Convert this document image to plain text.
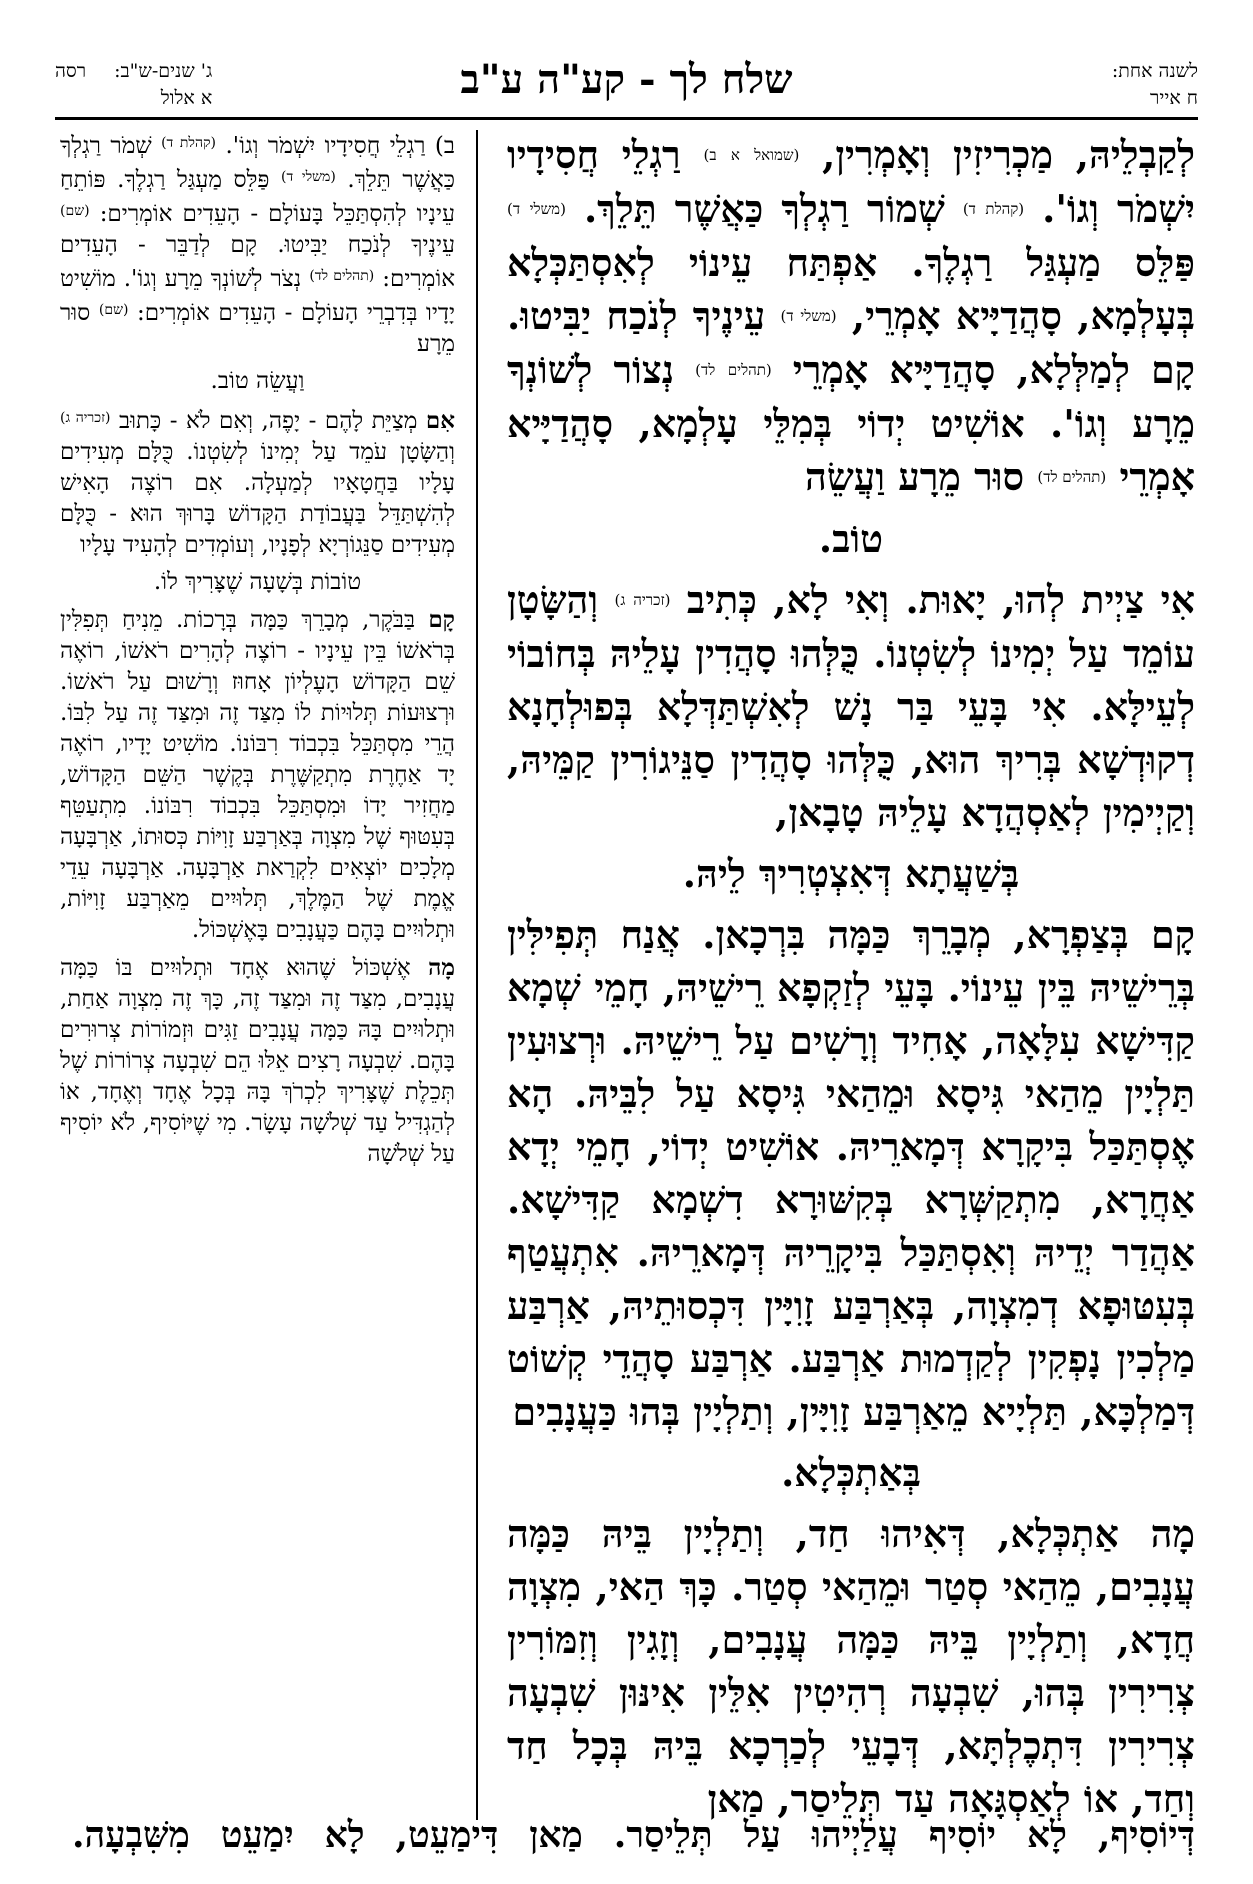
לשנה אחת:
ח אייר
שלח לך - קע"ה ע"ב
ג' שנים-ש"ב:
רסה
א אלול

לְקַבְלֵיהּ, מַכְרִיזִין וְאָמְרִין, $^{(שמואל א ב)}$ רַגְלֵי חֲסִידָיו יִשְׁמֹר וְגוֹ'. $^{(קהלת ד)}$ שְׁמוֹר רַגְלְךָ כַּאֲשֶׁר תֵּלֵךְ. $^{(משלי ד)}$ פַּלֵּס מַעְגַּל רַגְלֶךָ. אַפְתַּח עֵינוֹי לְאִסְתַּכְּלָא בְּעָלְמָא, סָהֲדַיָּיא אָמְרֵי, $^{(משלי ד)}$ עֵינֶיךָ לְנֹכַח יַבִּיטוּ. קָם לְמַלְּלָא, סָהֲדַיָּיא אָמְרֵי $^{(תהלים לד)}$ נְצוֹר לְשׁוֹנְךָ מֵרָע וְגוֹ'. אוֹשִׁיט יְדוֹי בְּמִלֵּי עָלְמָא, סָהֲדַיָּיא אָמְרֵי $^{(תהלים לד)}$ סוּר מֵרָע וַעֲשֵׂה

טוֹב.

אִי צַיְית לְהוּ, יָאוּת. וְאִי לָא, כְּתִיב $^{(זכריה ג)}$ וְהַשָּׂטָן עוֹמֵד עַל יְמִינוֹ לְשִׂטְנוֹ. כֻּלְּהוּ סָהֲדִין עָלֵיהּ בְּחוֹבוֹי לְעֵילָּא. אִי בָּעֵי בַּר נָשׁ לְאִשְׁתַּדְּלָא בְּפוּלְחָנָא דְקוּדְשָׁא בְּרִיךְ הוּא, כֻּלְּהוּ סָהֲדִין סַנֵּיגוֹרִין קַמֵּיהּ, וְקַיְימִין לְאַסְהֲדָא עָלֵיהּ טָבָאן,

בְּשַׁעֲתָא דְּאִצְטְרִיךְ לֵיהּ.

קָם בְּצַפְרָא, מְבָרֵךְ כַּמָּה בִּרְכָאן. אֲנַח תְּפִילִּין בְּרֵישֵׁיהּ בֵּין עֵינוֹי. בָּעֵי לְזַקְפָא רֵישֵׁיהּ, חָמֵי שְׁמָא קַדִּישָׁא עִלָּאָה, אָחִיד וְרָשִׁים עַל רֵישֵׁיהּ. וּרְצוּעִין תַּלְיָין מֵהַאי גִּיסָא וּמֵהַאי גִּיסָא עַל לִבֵּיהּ. הָא אֶסְתַּכַּל בִּיקָרָא דְּמָארֵיהּ. אוֹשִׁיט יְדוֹי, חָמֵי יְדָא אַחֲרָא, מִתְקַשְּׁרָא בְּקִשּׁוּרָא דִשְׁמָא קַדִּישָׁא. אַהֲדַר יְדֵיהּ וְאִסְתַּכַּל בִּיקָרֵיהּ דְּמָארֵיהּ. אִתְעֲטַף בְּעִטּוּפָא דְמִצְוָה, בְּאַרְבַּע זָוִיָּין דִּכְסוּתֵיהּ, אַרְבַּע מַלְכִין נָפְקִין לְקַדְמוּת אַרְבַּע. אַרְבַּע סָהֲדֵי קְשׁוֹט דְּמַלְכָּא, תַּלְיָיא מֵאַרְבַּע זָוִיָּין, וְתַלְיָין בְּהוּ כַּעֲנָבִים

בְּאַתְכְּלָא.

מָה אַתְכְּלָא, דְּאִיהוּ חַד, וְתַלְיָין בֵּיהּ כַּמָּה עֲנָבִים, מֵהַאי סְטַר וּמֵהַאי סְטַר. כָּךְ הַאי, מִצְוָה חֲדָא, וְתַלְיָין בֵּיהּ כַּמָּה עֲנָבִים, וְזָגִין וְזִמּוֹרִין צְרִירִין בְּהוּ, שִׁבְעָה רְהִיטִין אִלֵּין אִינּוּן שִׁבְעָה צְרִירִין דִּתְכֶלְתָּא, דְּבָעֵי לְכַרְכָא בֵּיהּ בְּכָל חַד וְחַד, אוֹ לְאַסְגָּאָה עַד תְּלֵיסַר, מַאן

ב) רַגְלֵי חֲסִידָיו יִשְׁמֹר וְגוֹ'. $^{(קהלת ד)}$ שְׁמֹר רַגְלְךָ כַּאֲשֶׁר תֵּלֵךְ. $^{(משלי ד)}$ פַּלֵּס מַעְגַּל רַגְלֶךָ. פּוֹתֵחַ עֵינָיו לְהִסְתַּכֵּל בָּעוֹלָם - הָעֵדִים אוֹמְרִים: $^{(שם)}$ עֵינֶיךָ לְנֹכַח יַבִּיטוּ. קָם לְדַבֵּר - הָעֵדִים אוֹמְרִים: $^{(תהלים לד)}$ נְצֹר לְשׁוֹנְךָ מֵרָע וְגוֹ'. מוֹשִׁיט יָדָיו בְּדִבְרֵי הָעוֹלָם - הָעֵדִים אוֹמְרִים: $^{(שם)}$ סוּר מֵרָע

וַעֲשֵׂה טוֹב.

אִם מְצַיֵּת לָהֶם - יָפֶה, וְאִם לֹא - כָּתוּב $^{(זכריה ג)}$ וְהַשָּׂטָן עֹמֵד עַל יְמִינוֹ לְשִׂטְנוֹ. כֻּלָּם מְעִידִים עָלָיו בַּחֲטָאָיו לְמַעְלָה. אִם רוֹצֶה הָאִישׁ לְהִשְׁתַּדֵּל בַּעֲבוֹדַת הַקָּדוֹשׁ בָּרוּךְ הוּא - כֻּלָּם מְעִידִים סַנֵּגוֹרְיָא לְפָנָיו, וְעוֹמְדִים לְהָעִיד עָלָיו

טוֹבוֹת בְּשָׁעָה שֶׁצָּרִיךְ לוֹ.

קָם בַּבֹּקֶר, מְבָרֵךְ כַּמָּה בְּרָכוֹת. מֵנִיחַ תְּפִלִּין בְּרֹאשׁוֹ בֵּין עֵינָיו - רוֹצֶה לְהָרִים רֹאשׁוֹ, רוֹאֶה שֵׁם הַקָּדוֹשׁ הָעֶלְיוֹן אָחוּז וְרָשׁוּם עַל רֹאשׁוֹ. וּרְצוּעוֹת תְּלוּיוֹת לוֹ מִצַּד זֶה וּמִצַּד זֶה עַל לִבּוֹ. הֲרֵי מִסְתַּכֵּל בִּכְבוֹד רִבּוֹנוֹ. מוֹשִׁיט יָדָיו, רוֹאֶה יָד אַחֶרֶת מִתְקַשֶּׁרֶת בְּקֶשֶׁר הַשֵּׁם הַקָּדוֹשׁ, מַחֲזִיר יָדוֹ וּמִסְתַּכֵּל בִּכְבוֹד רִבּוֹנוֹ. מִתְעַטֵּף בְּעִטּוּף שֶׁל מִצְוָה בְּאַרְבַּע זָוִיּוֹת כְּסוּתוֹ, אַרְבָּעָה מְלָכִים יוֹצְאִים לִקְרַאת אַרְבָּעָה. אַרְבָּעָה עֵדֵי אֱמֶת שֶׁל הַמֶּלֶךְ, תְּלוּיִים מֵאַרְבַּע זָוִיּוֹת, וּתְלוּיִים בָּהֶם כַּעֲנָבִים בָּאֶשְׁכּוֹל.

מָה אֶשְׁכּוֹל שֶׁהוּא אֶחָד וּתְלוּיִים בּוֹ כַּמָּה עֲנָבִים, מִצַּד זֶה וּמִצַּד זֶה, כָּךְ זֶה מִצְוָה אַחַת, וּתְלוּיִים בָּהּ כַּמָּה עֲנָבִים זַגִּים וּזְמוֹרוֹת צְרוּרִים בָּהֶם. שִׁבְעָה רָצִים אֵלּוּ הֵם שִׁבְעָה צְרוֹרוֹת שֶׁל תְּכֵלֶת שֶׁצָּרִיךְ לִכְרֹךְ בָּהּ בְּכָל אֶחָד וְאֶחָד, אוֹ לְהַגְדִּיל עַד שְׁלֹשָׁה עָשָׂר. מִי שֶׁיּוֹסִיף, לֹא יוֹסִיף עַל שְׁלֹשָׁה

דְּיוֹסִיף, לָא יוֹסִיף עֲלַיְיהוּ עַל תְּלֵיסַר. מַאן דִּימַעֵט, לָא יִמַעֵט מִשִּׁבְעָה.
